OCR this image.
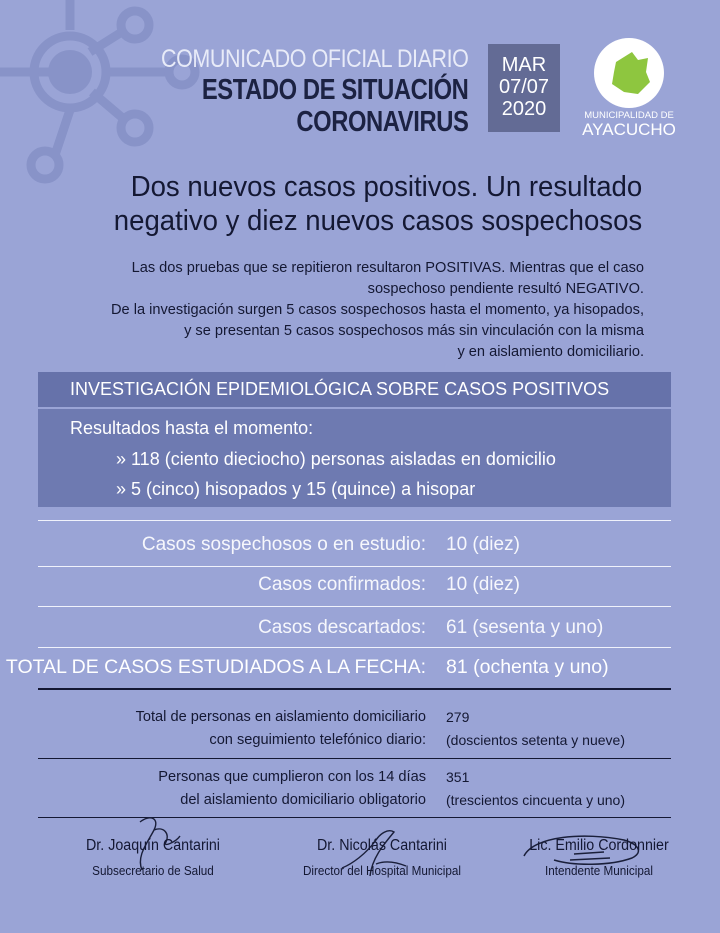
COMUNICADO OFICIAL DIARIO
ESTADO DE SITUACIÓN
CORONAVIRUS
MAR
07/07
2020	MUNICIPALIDAD DE
AYACUCHO
Dos nuevos casos positivos. Un resultado
negativo y diez nuevos casos sospechosos
Las dos pruebas que se repitieron resultaron POSITIVAS. Mientras que el caso
sospechoso pendiente resultó NEGATIVO.
De la investigación surgen 5 casos sospechosos hasta el momento, ya hisopados,
y se presentan 5 casos sospechosos más sin vinculación con la misma
y en aislamiento domiciliario.
INVESTIGACIÓN EPIDEMIOLÓGICA SOBRE CASOS POSITIVOS
Resultados hasta el momento:
» 118 (ciento dieciocho) personas aisladas en domicilio
» 5 (cinco) hisopados y 15 (quince) a hisopar
Casos sospechosos o en estudio: 10 (diez)
Casos confirmados: 10 (diez)
Casos descartados: 61 (sesenta y uno)
TOTAL DE CASOS ESTUDIADOS A LA FECHA: 81 (ochenta y uno)
Total de personas en aislamiento domiciliario
con seguimiento telefónico diario:
279
(doscientos setenta y nueve)
Personas que cumplieron con los 14 días
del aislamiento domiciliario obligatorio
351
(trescientos cincuenta y uno)
Dr. Joaquín Cantarini
Subsecretario de Salud
Dr. Nicolás Cantarini
Director del Hospital Municipal
Lic. Emilio Cordonnier
Intendente Municipal
